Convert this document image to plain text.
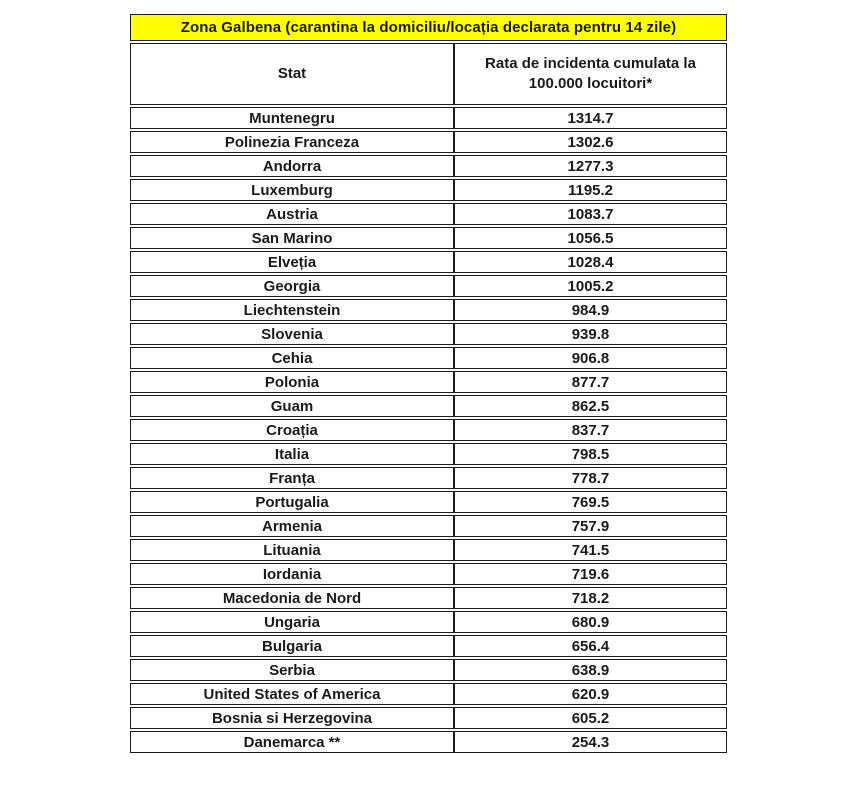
Zona Galbena (carantina la domiciliu/locația declarata pentru 14 zile)	
Stat	Rata de incidenta cumulata la
100.000 locuitori*
Muntenegru	1314.7
Polinezia Franceza	1302.6
Andorra	1277.3
Luxemburg	1195.2
Austria	1083.7
San Marino	1056.5
Elveția	1028.4
Georgia	1005.2
Liechtenstein	984.9
Slovenia	939.8
Cehia	906.8
Polonia	877.7
Guam	862.5
Croația	837.7
Italia	798.5
Franța	778.7
Portugalia	769.5
Armenia	757.9
Lituania	741.5
Iordania	719.6
Macedonia de Nord	718.2
Ungaria	680.9
Bulgaria	656.4
Serbia	638.9
United States of America	620.9
Bosnia si Herzegovina	605.2
Danemarca **	254.3
